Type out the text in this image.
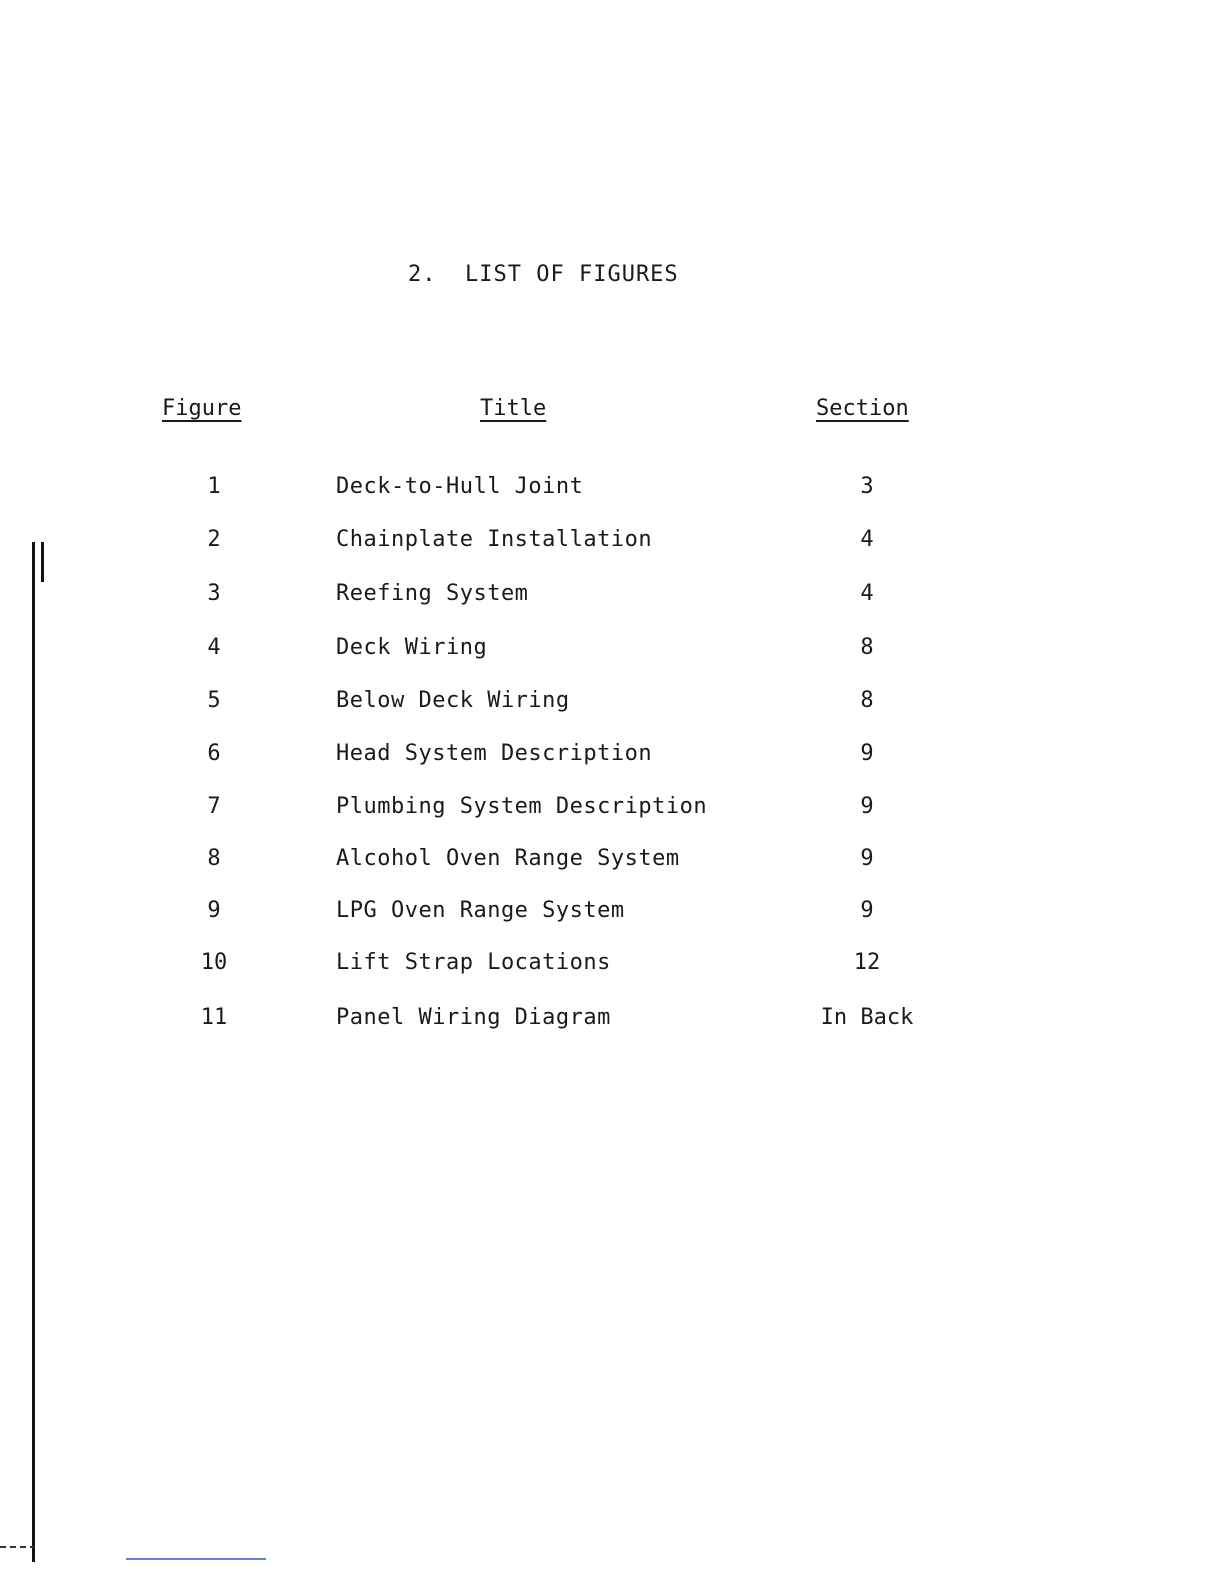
2. LIST OF FIGURES
Figure	Title	Section
1	Deck-to-Hull Joint	3
2	Chainplate Installation	4
3	Reefing System	4
4	Deck Wiring	8
5	Below Deck Wiring	8
6	Head System Description	9
7	Plumbing System Description	9
8	Alcohol Oven Range System	9
9	LPG Oven Range System	9
10	Lift Strap Locations	12
11	Panel Wiring Diagram	In Back
